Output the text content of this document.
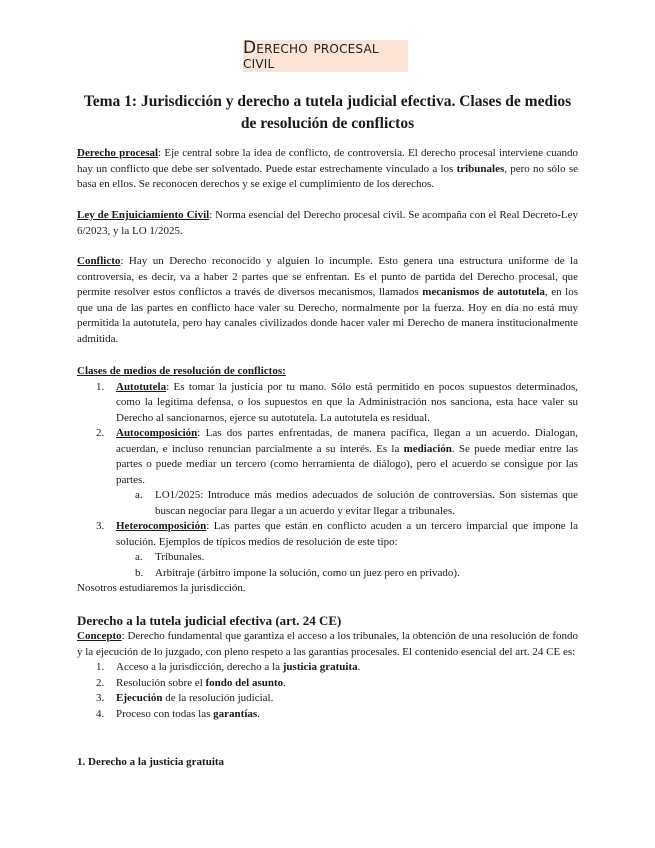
Derecho procesal civil
Tema 1: Jurisdicción y derecho a tutela judicial efectiva. Clases de medios de resolución de conflictos

Derecho procesal: Eje central sobre la idea de conflicto, de controversia. El derecho procesal interviene cuando hay un conflicto que debe ser solventado. Puede estar estrechamente vinculado a los tribunales, pero no sólo se basa en ellos. Se reconocen derechos y se exige el cumplimiento de los derechos.

Ley de Enjuiciamiento Civil: Norma esencial del Derecho procesal civil. Se acompaña con el Real Decreto-Ley 6/2023, y la LO 1/2025.

Conflicto: Hay un Derecho reconocido y alguien lo incumple. Esto genera una estructura uniforme de la controversia, es decir, va a haber 2 partes que se enfrentan. Es el punto de partida del Derecho procesal, que permite resolver estos conflictos a través de diversos mecanismos, llamados mecanismos de autotutela, en los que una de las partes en conflicto hace valer su Derecho, normalmente por la fuerza. Hoy en día no está muy permitida la autotutela, pero hay canales civilizados donde hacer valer mi Derecho de manera institucionalmente admitida.

Clases de medios de resolución de conflictos:

1. Autotutela: Es tomar la justicia por tu mano. Sólo está permitido en pocos supuestos determinados, como la legítima defensa, o los supuestos en que la Administración nos sanciona, esta hace valer su Derecho al sancionarnos, ejerce su autotutela. La autotutela es residual.
2. Autocomposición: Las dos partes enfrentadas, de manera pacífica, llegan a un acuerdo. Dialogan, acuerdan, e incluso renuncian parcialmente a su interés. Es la mediación. Se puede mediar entre las partes o puede mediar un tercero (como herramienta de diálogo), pero el acuerdo se consigue por las partes.
a. LO1/2025: Introduce más medios adecuados de solución de controversias. Son sistemas que buscan negociar para llegar a un acuerdo y evitar llegar a tribunales.
3. Heterocomposición: Las partes que están en conflicto acuden a un tercero imparcial que impone la solución. Ejemplos de típicos medios de resolución de este tipo:
a. Tribunales.
b. Arbitraje (árbitro impone la solución, como un juez pero en privado).

Nosotros estudiaremos la jurisdicción.

Derecho a la tutela judicial efectiva (art. 24 CE)

Concepto: Derecho fundamental que garantiza el acceso a los tribunales, la obtención de una resolución de fondo y la ejecución de lo juzgado, con pleno respeto a las garantías procesales. El contenido esencial del art. 24 CE es:

1. Acceso a la jurisdicción, derecho a la justicia gratuita.
2. Resolución sobre el fondo del asunto.
3. Ejecución de la resolución judicial.
4. Proceso con todas las garantías.

1. Derecho a la justicia gratuita
